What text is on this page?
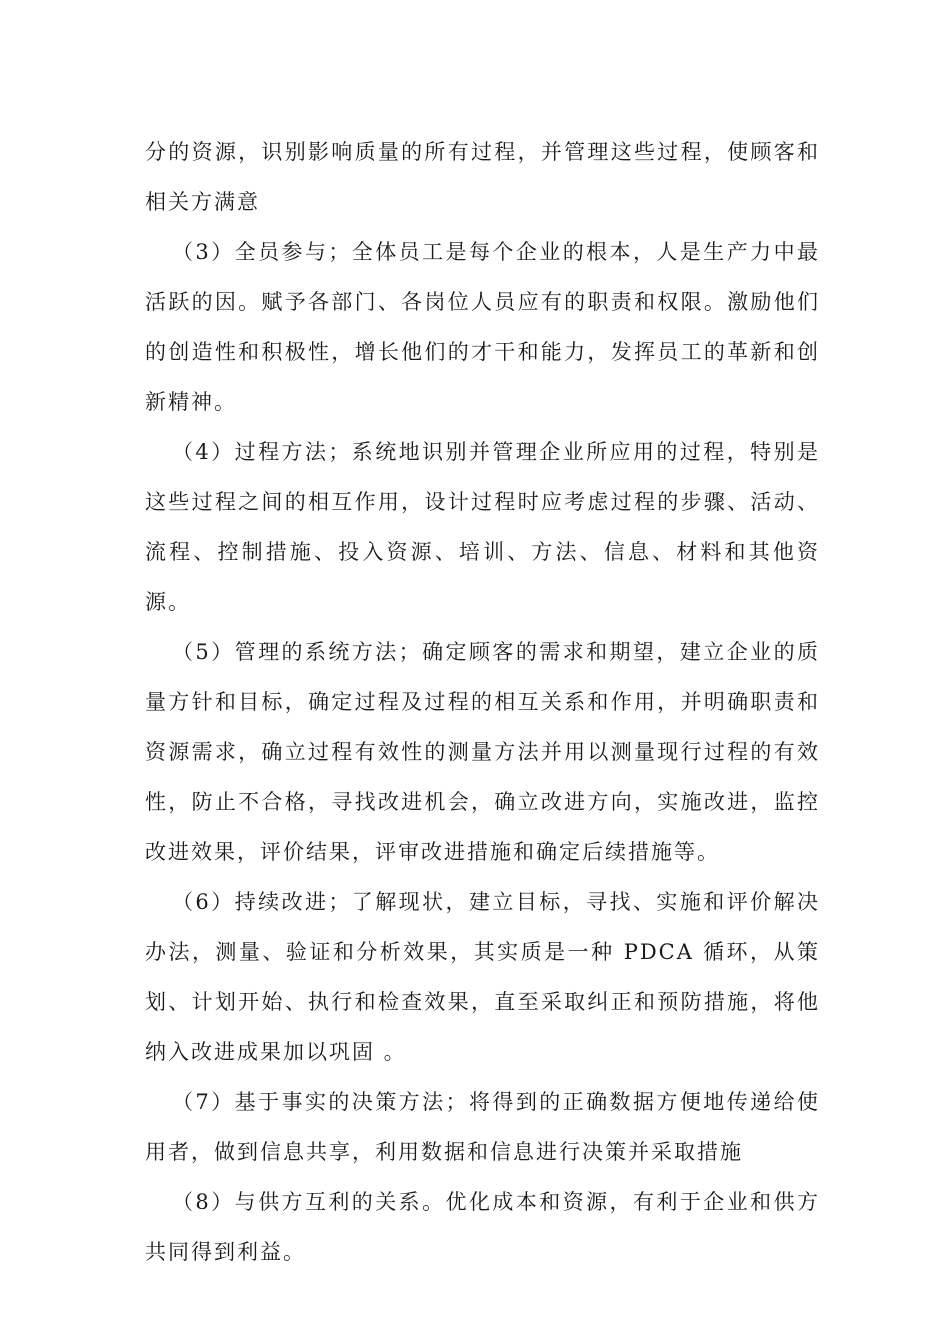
分的资源，识别影响质量的所有过程，并管理这些过程，使顾客和相关方满意

（3）全员参与；全体员工是每个企业的根本，人是生产力中最活跃的因。赋予各部门、各岗位人员应有的职责和权限。激励他们的创造性和积极性，增长他们的才干和能力，发挥员工的革新和创新精神。

（4）过程方法；系统地识别并管理企业所应用的过程，特别是这些过程之间的相互作用，设计过程时应考虑过程的步骤、活动、流程、控制措施、投入资源、培训、方法、信息、材料和其他资源。

（5）管理的系统方法；确定顾客的需求和期望，建立企业的质量方针和目标，确定过程及过程的相互关系和作用，并明确职责和资源需求，确立过程有效性的测量方法并用以测量现行过程的有效性，防止不合格，寻找改进机会，确立改进方向，实施改进，监控改进效果，评价结果，评审改进措施和确定后续措施等。

（6）持续改进；了解现状，建立目标，寻找、实施和评价解决办法，测量、验证和分析效果，其实质是一种 PDCA 循环，从策划、计划开始、执行和检查效果，直至采取纠正和预防措施，将他纳入改进成果加以巩固 。

（7）基于事实的决策方法；将得到的正确数据方便地传递给使用者，做到信息共享，利用数据和信息进行决策并采取措施

（8）与供方互利的关系。优化成本和资源，有利于企业和供方共同得到利益。
